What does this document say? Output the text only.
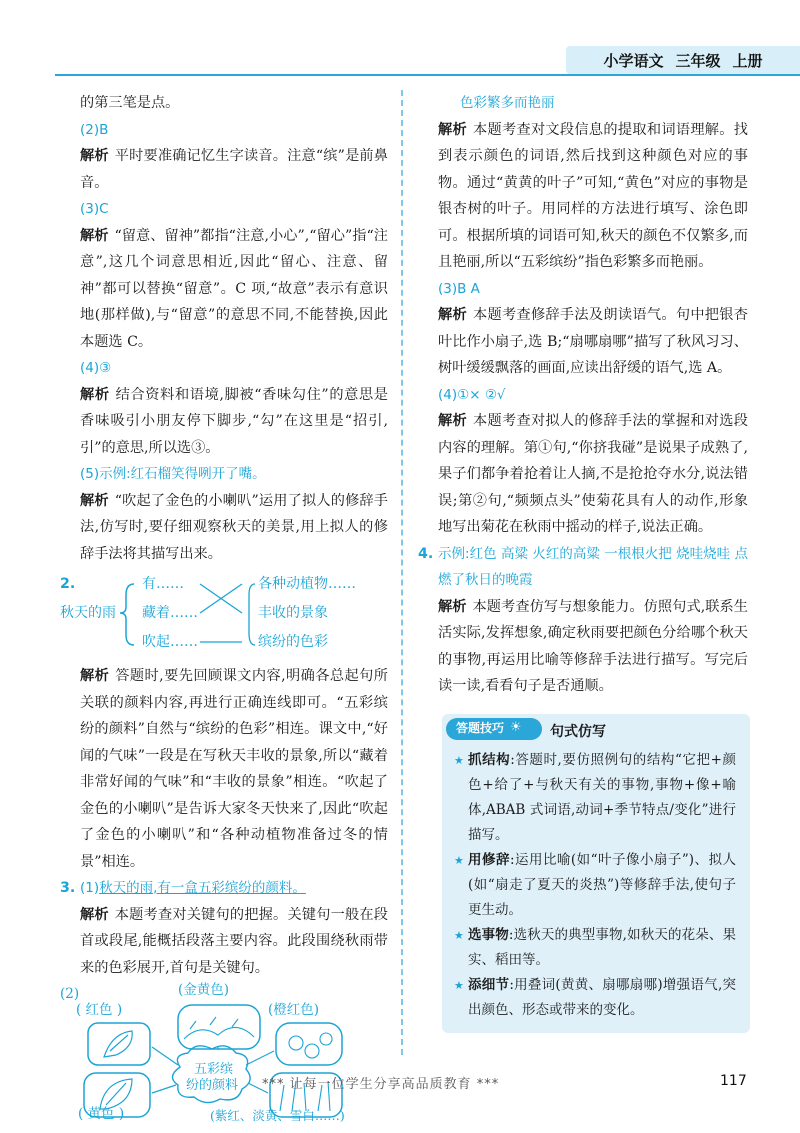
小学语文 三年级 上册

的第三笔是点。

(2)B

解析 平时要准确记忆生字读音。注意“缤”是前鼻音。

(3)C

解析 “留意、留神”都指“注意,小心”,“留心”指“注意”,这几个词意思相近,因此“留心、注意、留神”都可以替换“留意”。C 项,“故意”表示有意识地(那样做),与“留意”的意思不同,不能替换,因此本题选 C。

(4)③

解析 结合资料和语境,脚被“香味勾住”的意思是香味吸引小朋友停下脚步,“勾”在这里是“招引,引”的意思,所以选③。

(5)示例:红石榴笑得咧开了嘴。

解析 “吹起了金色的小喇叭”运用了拟人的修辞手法,仿写时,要仔细观察秋天的美景,用上拟人的修辞手法将其描写出来。

2.
秋天的雨
有……
藏着……
吹起……
各种动植物……
丰收的景象
缤纷的色彩

解析 答题时,要先回顾课文内容,明确各总起句所关联的颜料内容,再进行正确连线即可。“五彩缤纷的颜料”自然与“缤纷的色彩”相连。课文中,“好闻的气味”一段是在写秋天丰收的景象,所以“藏着非常好闻的气味”和“丰收的景象”相连。“吹起了金色的小喇叭”是告诉大家冬天快来了,因此“吹起了金色的小喇叭”和“各种动植物准备过冬的情景”相连。

3. (1)秋天的雨,有一盒五彩缤纷的颜料。

解析 本题考查对关键句的把握。关键句一般在段首或段尾,能概括段落主要内容。此段围绕秋雨带来的色彩展开,首句是关键句。

(2)	(金黄色)
( 红色 )	(橙红色)
五彩缤
纷的颜料
( 黄色 )	(紫红、淡黄、雪白……)

色彩繁多而艳丽

解析 本题考查对文段信息的提取和词语理解。找到表示颜色的词语,然后找到这种颜色对应的事物。通过“黄黄的叶子”可知,“黄色”对应的事物是银杏树的叶子。用同样的方法进行填写、涂色即可。根据所填的词语可知,秋天的颜色不仅繁多,而且艳丽,所以“五彩缤纷”指色彩繁多而艳丽。

(3)B A

解析 本题考查修辞手法及朗读语气。句中把银杏叶比作小扇子,选 B;“扇哪扇哪”描写了秋风习习、树叶缓缓飘落的画面,应读出舒缓的语气,选 A。

(4)①× ②√

解析 本题考查对拟人的修辞手法的掌握和对选段内容的理解。第①句,“你挤我碰”是说果子成熟了,果子们都争着抢着让人摘,不是抢抢夺水分,说法错误;第②句,“频频点头”使菊花具有人的动作,形象地写出菊花在秋雨中摇动的样子,说法正确。

4. 示例:红色 高粱 火红的高粱 一根根火把 烧哇烧哇 点燃了秋日的晚霞

解析 本题考查仿写与想象能力。仿照句式,联系生活实际,发挥想象,确定秋雨要把颜色分给哪个秋天的事物,再运用比喻等修辞手法进行描写。写完后读一读,看看句子是否通顺。

答题技巧 ☀ 句式仿写
★ 抓结构:答题时,要仿照例句的结构“它把+颜色+给了+与秋天有关的事物,事物+像+喻体,ABAB 式词语,动词+季节特点/变化”进行描写。
★ 用修辞:运用比喻(如“叶子像小扇子”)、拟人(如“扇走了夏天的炎热”)等修辞手法,使句子更生动。
★ 选事物:选秋天的典型事物,如秋天的花朵、果实、稻田等。
★ 添细节:用叠词(黄黄、扇哪扇哪)增强语气,突出颜色、形态或带来的变化。
*** 让每一位学生分享高品质教育 ***	117
